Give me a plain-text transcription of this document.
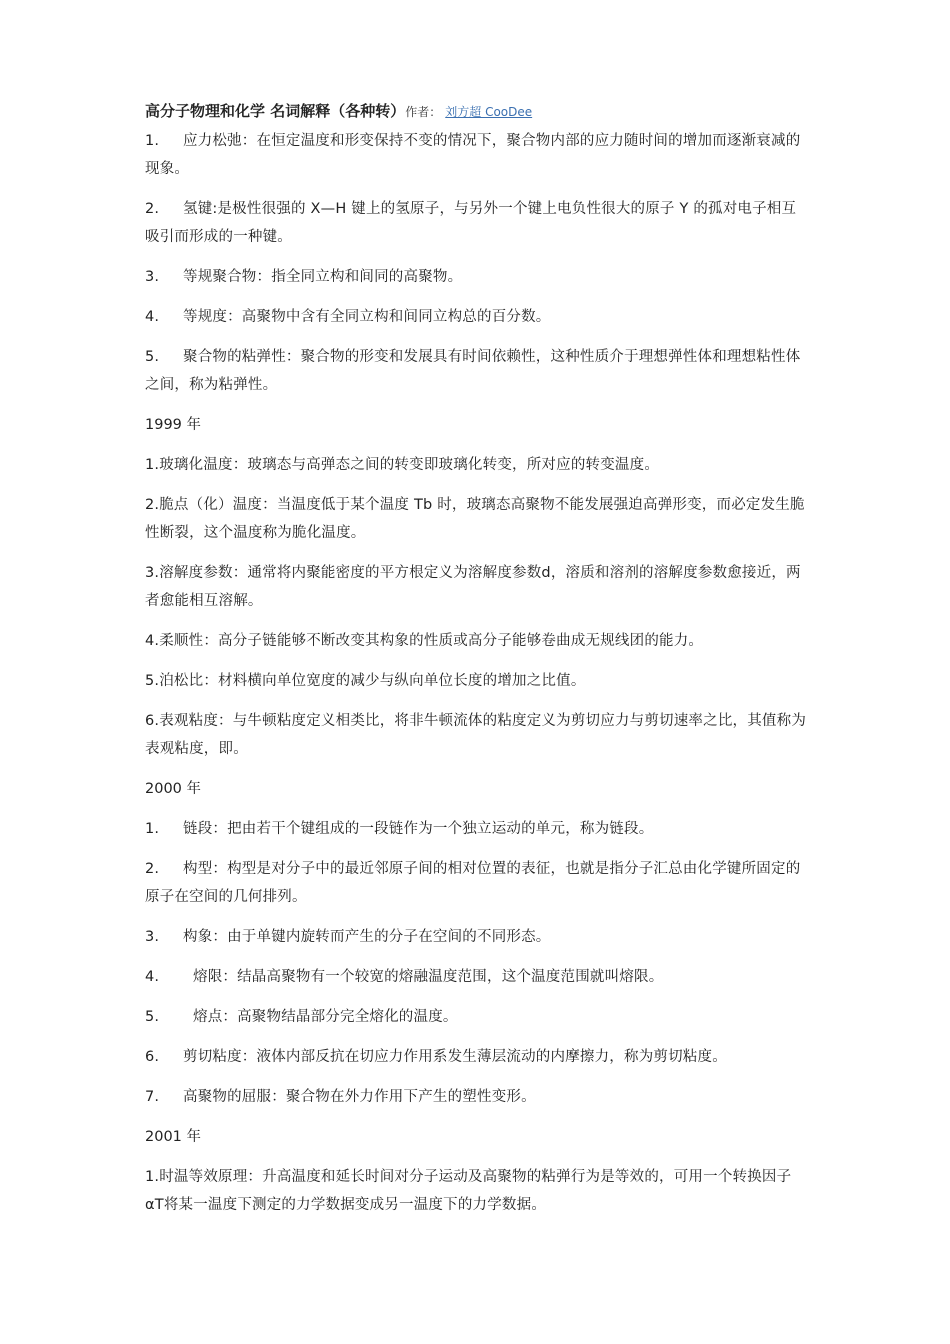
高分子物理和化学 名词解释（各种转）作者： 刘方超 CooDee

1. 应力松弛：在恒定温度和形变保持不变的情况下，聚合物内部的应力随时间的增加而逐渐衰减的现象。

2. 氢键:是极性很强的 X—H 键上的氢原子，与另外一个键上电负性很大的原子 Y 的孤对电子相互吸引而形成的一种键。

3. 等规聚合物：指全同立构和间同的高聚物。

4. 等规度：高聚物中含有全同立构和间同立构总的百分数。

5. 聚合物的粘弹性：聚合物的形变和发展具有时间依赖性，这种性质介于理想弹性体和理想粘性体之间，称为粘弹性。

1999 年

1.玻璃化温度：玻璃态与高弹态之间的转变即玻璃化转变，所对应的转变温度。

2.脆点（化）温度：当温度低于某个温度 Tb 时，玻璃态高聚物不能发展强迫高弹形变，而必定发生脆性断裂，这个温度称为脆化温度。

3.溶解度参数：通常将内聚能密度的平方根定义为溶解度参数d，溶质和溶剂的溶解度参数愈接近，两者愈能相互溶解。

4.柔顺性：高分子链能够不断改变其构象的性质或高分子能够卷曲成无规线团的能力。

5.泊松比：材料横向单位宽度的减少与纵向单位长度的增加之比值。

6.表观粘度：与牛顿粘度定义相类比，将非牛顿流体的粘度定义为剪切应力与剪切速率之比，其值称为表观粘度，即。

2000 年

1. 链段：把由若干个键组成的一段链作为一个独立运动的单元，称为链段。

2. 构型：构型是对分子中的最近邻原子间的相对位置的表征，也就是指分子汇总由化学键所固定的原子在空间的几何排列。

3. 构象：由于单键内旋转而产生的分子在空间的不同形态。

4. 熔限：结晶高聚物有一个较宽的熔融温度范围，这个温度范围就叫熔限。

5. 熔点：高聚物结晶部分完全熔化的温度。

6. 剪切粘度：液体内部反抗在切应力作用系发生薄层流动的内摩擦力，称为剪切粘度。

7. 高聚物的屈服：聚合物在外力作用下产生的塑性变形。

2001 年

1.时温等效原理：升高温度和延长时间对分子运动及高聚物的粘弹行为是等效的，可用一个转换因子 αT将某一温度下测定的力学数据变成另一温度下的力学数据。
